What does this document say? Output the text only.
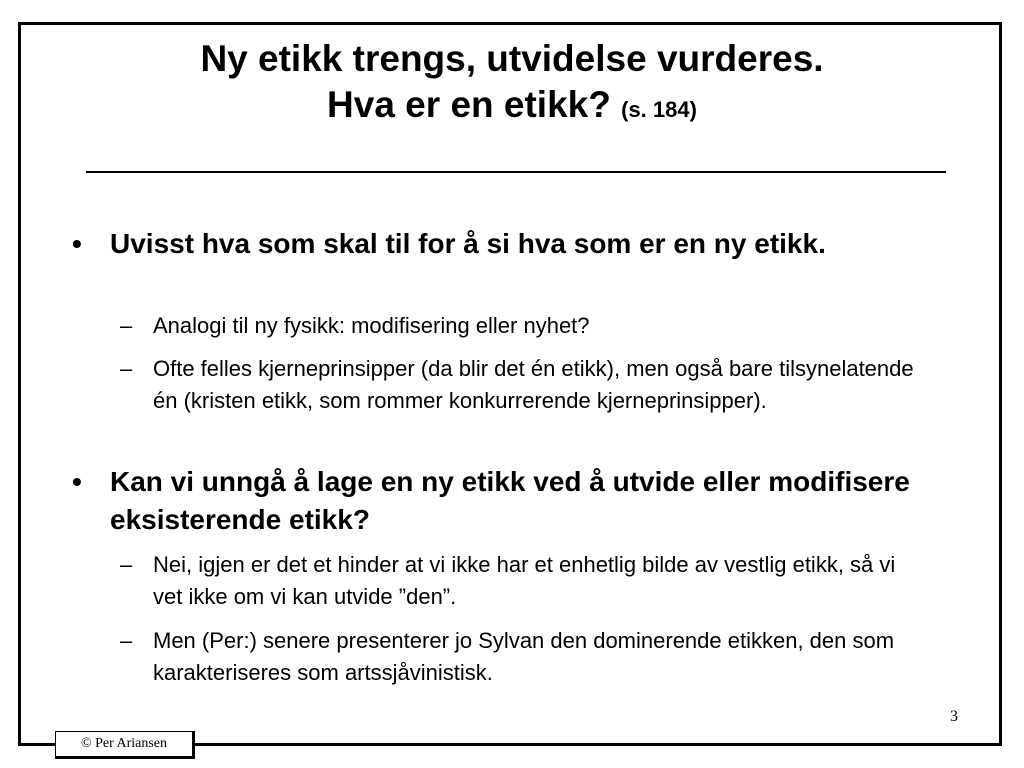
Ny etikk trengs, utvidelse vurderes.
Hva er en etikk? (s. 184)
• Uvisst hva som skal til for å si hva som er en ny etikk.
– Analogi til ny fysikk: modifisering eller nyhet?
– Ofte felles kjerneprinsipper (da blir det én etikk), men også bare tilsynelatende én (kristen etikk, som rommer konkurrerende kjerneprinsipper).
• Kan vi unngå å lage en ny etikk ved å utvide eller modifisere eksisterende etikk?
– Nei, igjen er det et hinder at vi ikke har et enhetlig bilde av vestlig etikk, så vi vet ikke om vi kan utvide ”den”.
– Men (Per:) senere presenterer jo Sylvan den dominerende etikken, den som karakteriseres som artssjåvinistisk.
3
© Per Ariansen
